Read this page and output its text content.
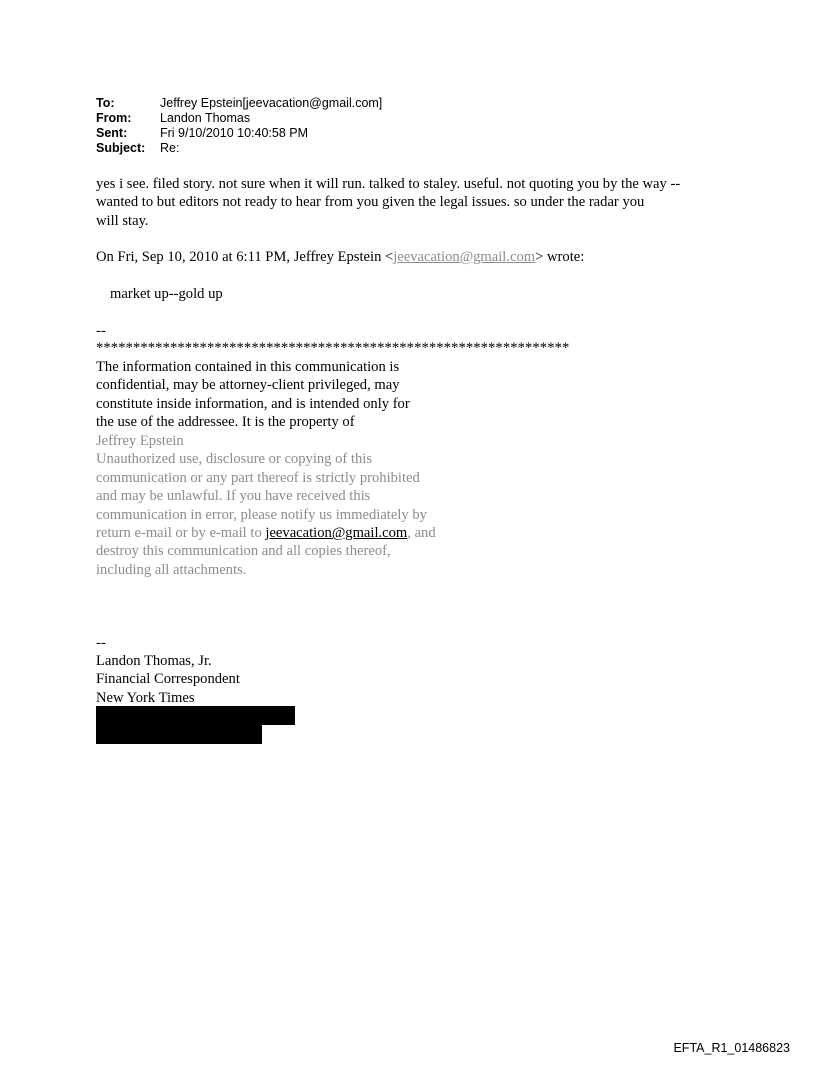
To:	Jeffrey Epstein[jeevacation@gmail.com]
From:	Landon Thomas
Sent:	Fri 9/10/2010 10:40:58 PM
Subject:	Re:
yes i see. filed story. not sure when it will run. talked to staley. useful. not quoting you by the way --
wanted to but editors not ready to hear from you given the legal issues. so under the radar you
will stay.
On Fri, Sep 10, 2010 at 6:11 PM, Jeffrey Epstein <jeevacation@gmail.com> wrote:
market up--gold up
--
****************************************************************
The information contained in this communication is
confidential, may be attorney-client privileged, may
constitute inside information, and is intended only for
the use of the addressee. It is the property of
Jeffrey Epstein
Unauthorized use, disclosure or copying of this
communication or any part thereof is strictly prohibited
and may be unlawful. If you have received this
communication in error, please notify us immediately by
return e-mail or by e-mail to jeevacation@gmail.com, and
destroy this communication and all copies thereof,
including all attachments.
--
Landon Thomas, Jr.
Financial Correspondent
New York Times
EFTA_R1_01486823
